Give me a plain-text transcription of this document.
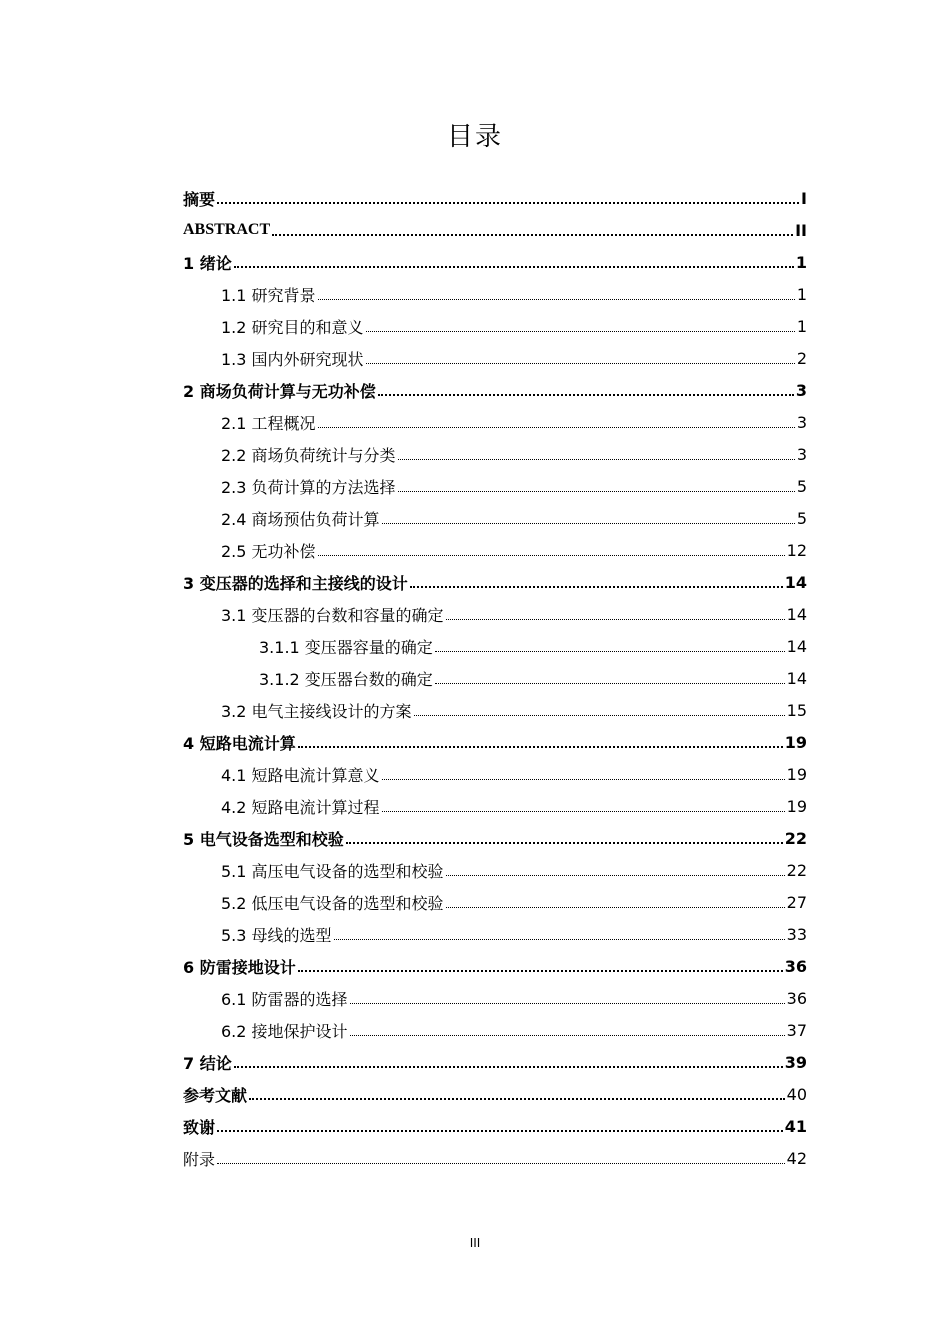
目录
摘要	I
ABSTRACT	II
1 绪论	1
1.1 研究背景	1
1.2 研究目的和意义	1
1.3 国内外研究现状	2
2 商场负荷计算与无功补偿	3
2.1 工程概况	3
2.2 商场负荷统计与分类	3
2.3 负荷计算的方法选择	5
2.4 商场预估负荷计算	5
2.5 无功补偿	12
3 变压器的选择和主接线的设计	14
3.1 变压器的台数和容量的确定	14
3.1.1 变压器容量的确定	14
3.1.2 变压器台数的确定	14
3.2 电气主接线设计的方案	15
4 短路电流计算	19
4.1 短路电流计算意义	19
4.2 短路电流计算过程	19
5 电气设备选型和校验	22
5.1 高压电气设备的选型和校验	22
5.2 低压电气设备的选型和校验	27
5.3 母线的选型	33
6 防雷接地设计	36
6.1 防雷器的选择	36
6.2 接地保护设计	37
7 结论	39
参考文献	40
致谢	41
附录	42
III
